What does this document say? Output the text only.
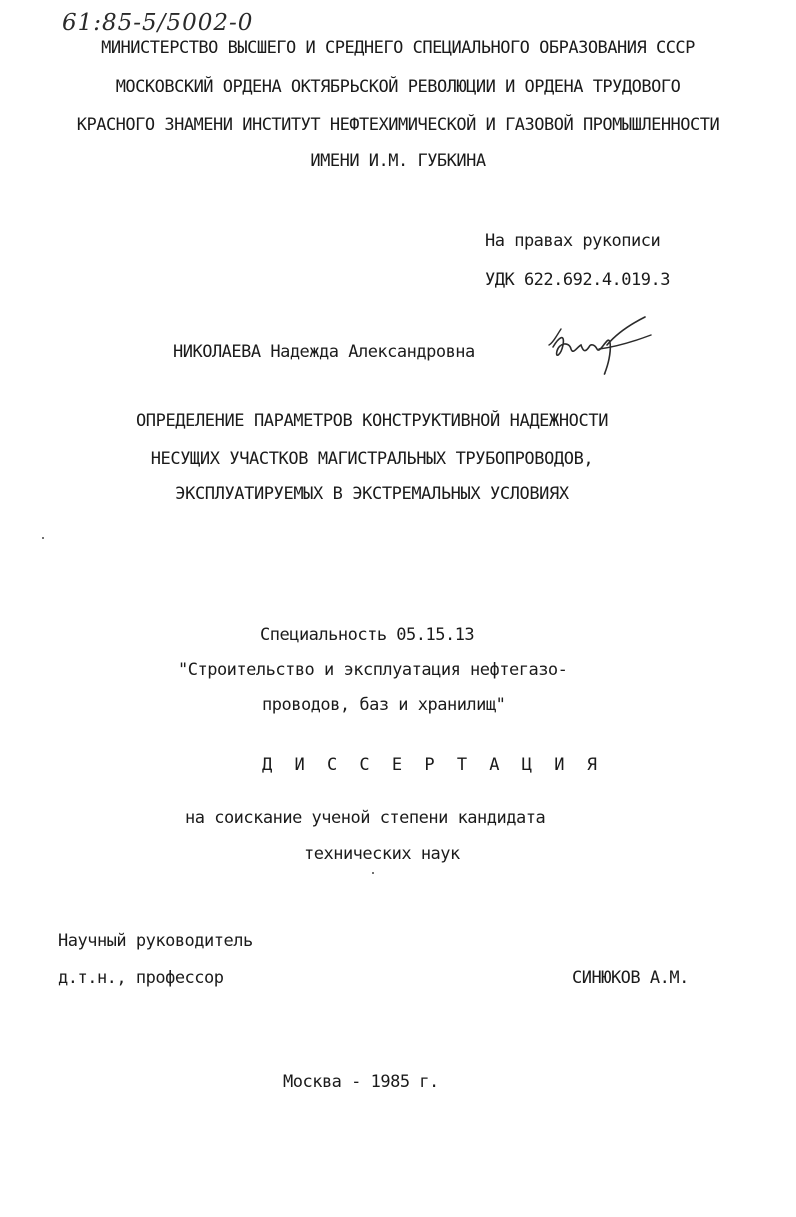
61:85-5/5002-0
МИНИСТЕРСТВО ВЫСШЕГО И СРЕДНЕГО СПЕЦИАЛЬНОГО ОБРАЗОВАНИЯ СССР
МОСКОВСКИЙ ОРДЕНА ОКТЯБРЬСКОЙ РЕВОЛЮЦИИ И ОРДЕНА ТРУДОВОГО
КРАСНОГО ЗНАМЕНИ ИНСТИТУТ НЕФТЕХИМИЧЕСКОЙ И ГАЗОВОЙ ПРОМЫШЛЕННОСТИ
ИМЕНИ И.М. ГУБКИНА
На правах рукописи
УДК 622.692.4.019.3
НИКОЛАЕВА Надежда Александровна
ОПРЕДЕЛЕНИЕ ПАРАМЕТРОВ КОНСТРУКТИВНОЙ НАДЕЖНОСТИ
НЕСУЩИХ УЧАСТКОВ МАГИСТРАЛЬНЫХ ТРУБОПРОВОДОВ,
ЭКСПЛУАТИРУЕМЫХ В ЭКСТРЕМАЛЬНЫХ УСЛОВИЯХ
Специальность 05.15.13
"Строительство и эксплуатация нефтегазо-
проводов, баз и хранилищ"
Д И С С Е Р Т А Ц И Я
на соискание ученой степени кандидата
технических наук
Научный руководитель
д.т.н., профессор	СИНЮКОВ А.М.
Москва - 1985 г.
